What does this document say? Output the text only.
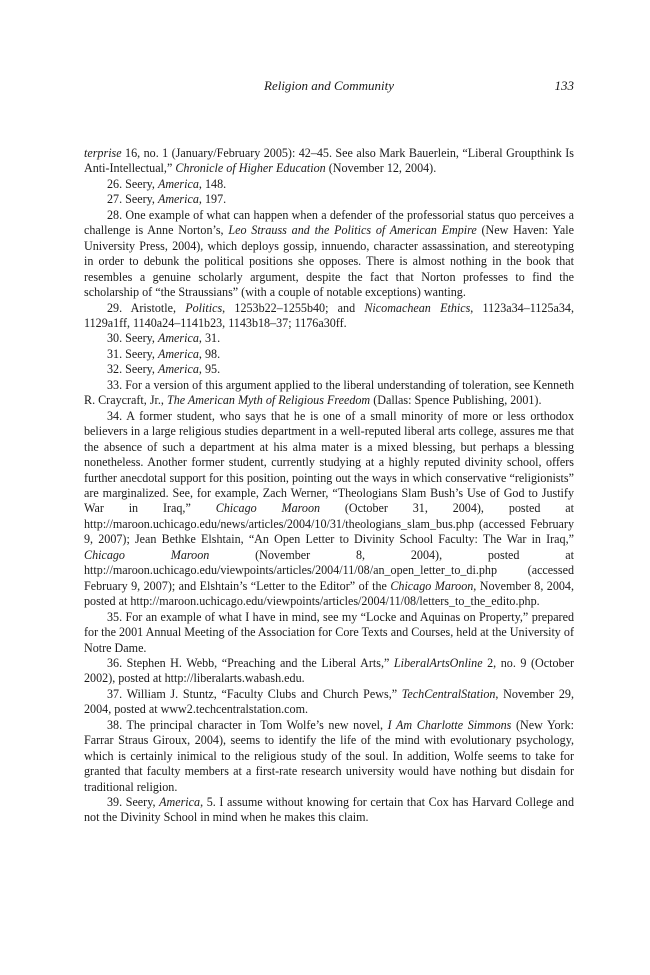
Religion and Community	133

terprise 16, no. 1 (January/February 2005): 42–45. See also Mark Bauerlein, “Liberal Groupthink Is Anti-Intellectual,” Chronicle of Higher Education (November 12, 2004).

26. Seery, America, 148.

27. Seery, America, 197.

28. One example of what can happen when a defender of the professorial status quo perceives a challenge is Anne Norton’s, Leo Strauss and the Politics of American Empire (New Haven: Yale University Press, 2004), which deploys gossip, innuendo, character assassination, and stereotyping in order to debunk the political positions she opposes. There is almost nothing in the book that resembles a genuine scholarly argument, despite the fact that Norton professes to find the scholarship of “the Straussians” (with a couple of notable exceptions) wanting.

29. Aristotle, Politics, 1253b22–1255b40; and Nicomachean Ethics, 1123a34–1125a34, 1129a1ff, 1140a24–1141b23, 1143b18–37; 1176a30ff.

30. Seery, America, 31.

31. Seery, America, 98.

32. Seery, America, 95.

33. For a version of this argument applied to the liberal understanding of toleration, see Kenneth R. Craycraft, Jr., The American Myth of Religious Freedom (Dallas: Spence Publishing, 2001).

34. A former student, who says that he is one of a small minority of more or less orthodox believers in a large religious studies department in a well-reputed liberal arts college, assures me that the absence of such a department at his alma mater is a mixed blessing, but perhaps a blessing nonetheless. Another former student, currently studying at a highly reputed divinity school, offers further anecdotal support for this position, pointing out the ways in which conservative “religionists” are marginalized. See, for example, Zach Werner, “Theologians Slam Bush’s Use of God to Justify War in Iraq,” Chicago Maroon (October 31, 2004), posted at http://maroon.uchicago.edu/news/articles/2004/10/31/theologians_slam_bus.php (accessed February 9, 2007); Jean Bethke Elshtain, “An Open Letter to Divinity School Faculty: The War in Iraq,” Chicago Maroon (November 8, 2004), posted at http://maroon.uchicago.edu/viewpoints/articles/2004/11/08/an_open_letter_to_di.php (accessed February 9, 2007); and Elshtain’s “Letter to the Editor” of the Chicago Maroon, November 8, 2004, posted at http://maroon.uchicago.edu/viewpoints/articles/2004/11/08/letters_to_the_edito.php.

35. For an example of what I have in mind, see my “Locke and Aquinas on Property,” prepared for the 2001 Annual Meeting of the Association for Core Texts and Courses, held at the University of Notre Dame.

36. Stephen H. Webb, “Preaching and the Liberal Arts,” LiberalArtsOnline 2, no. 9 (October 2002), posted at http://liberalarts.wabash.edu.

37. William J. Stuntz, “Faculty Clubs and Church Pews,” TechCentralStation, November 29, 2004, posted at www2.techcentralstation.com.

38. The principal character in Tom Wolfe’s new novel, I Am Charlotte Simmons (New York: Farrar Straus Giroux, 2004), seems to identify the life of the mind with evolutionary psychology, which is certainly inimical to the religious study of the soul. In addition, Wolfe seems to take for granted that faculty members at a first-rate research university would have nothing but disdain for traditional religion.

39. Seery, America, 5. I assume without knowing for certain that Cox has Harvard College and not the Divinity School in mind when he makes this claim.
